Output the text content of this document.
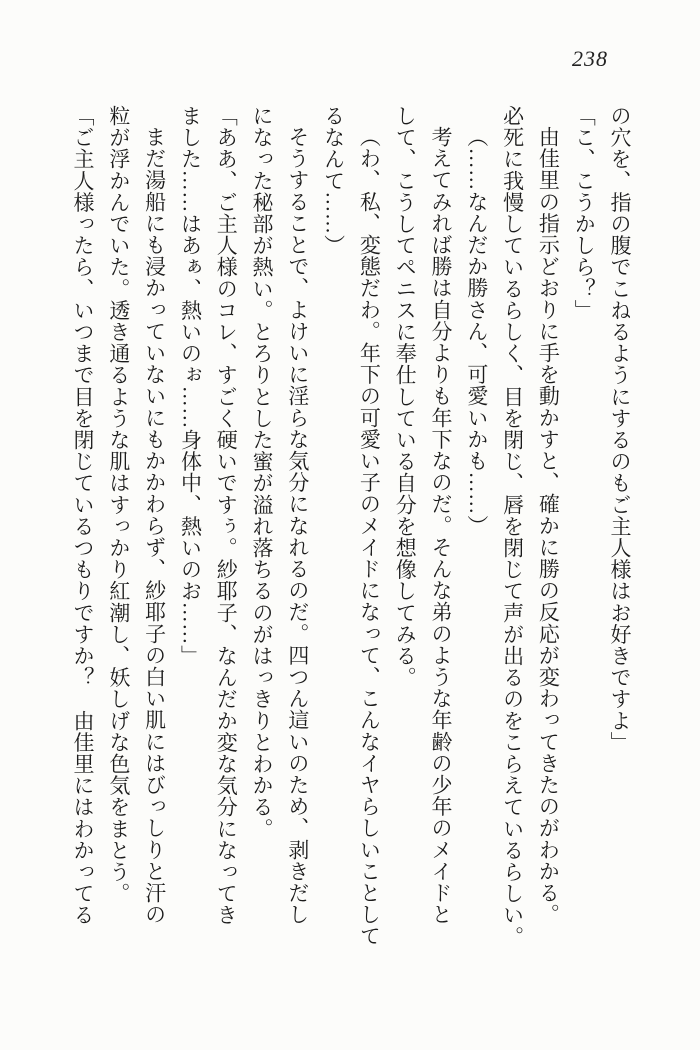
238
の穴を、指の腹でこねるようにするのもご主人様はお好きですよ」
「こ、こうかしら？」
由佳里の指示どおりに手を動かすと、確かに勝の反応が変わってきたのがわかる。
必死に我慢しているらしく、目を閉じ、唇を閉じて声が出るのをこらえているらしい。
（……なんだか勝さん、可愛いかも……）
考えてみれば勝は自分よりも年下なのだ。そんな弟のような年齢の少年のメイドと
して、こうしてペニスに奉仕している自分を想像してみる。
（わ、私、変態だわ。年下の可愛い子のメイドになって、こんなイヤらしいことして
るなんて……）
そうすることで、よけいに淫らな気分になれるのだ。四つん這いのため、剥きだし
になった秘部が熱い。とろりとした蜜が溢れ落ちるのがはっきりとわかる。
「ああ、ご主人様のコレ、すごく硬いですぅ。紗耶子、なんだか変な気分になってき
ました……はあぁ、熱いのぉ……身体中、熱いのお……」
まだ湯船にも浸かっていないにもかかわらず、紗耶子の白い肌にはびっしりと汗の
粒が浮かんでいた。透き通るような肌はすっかり紅潮し、妖しげな色気をまとう。
「ご主人様ったら、いつまで目を閉じているつもりですか？　由佳里にはわかってる
